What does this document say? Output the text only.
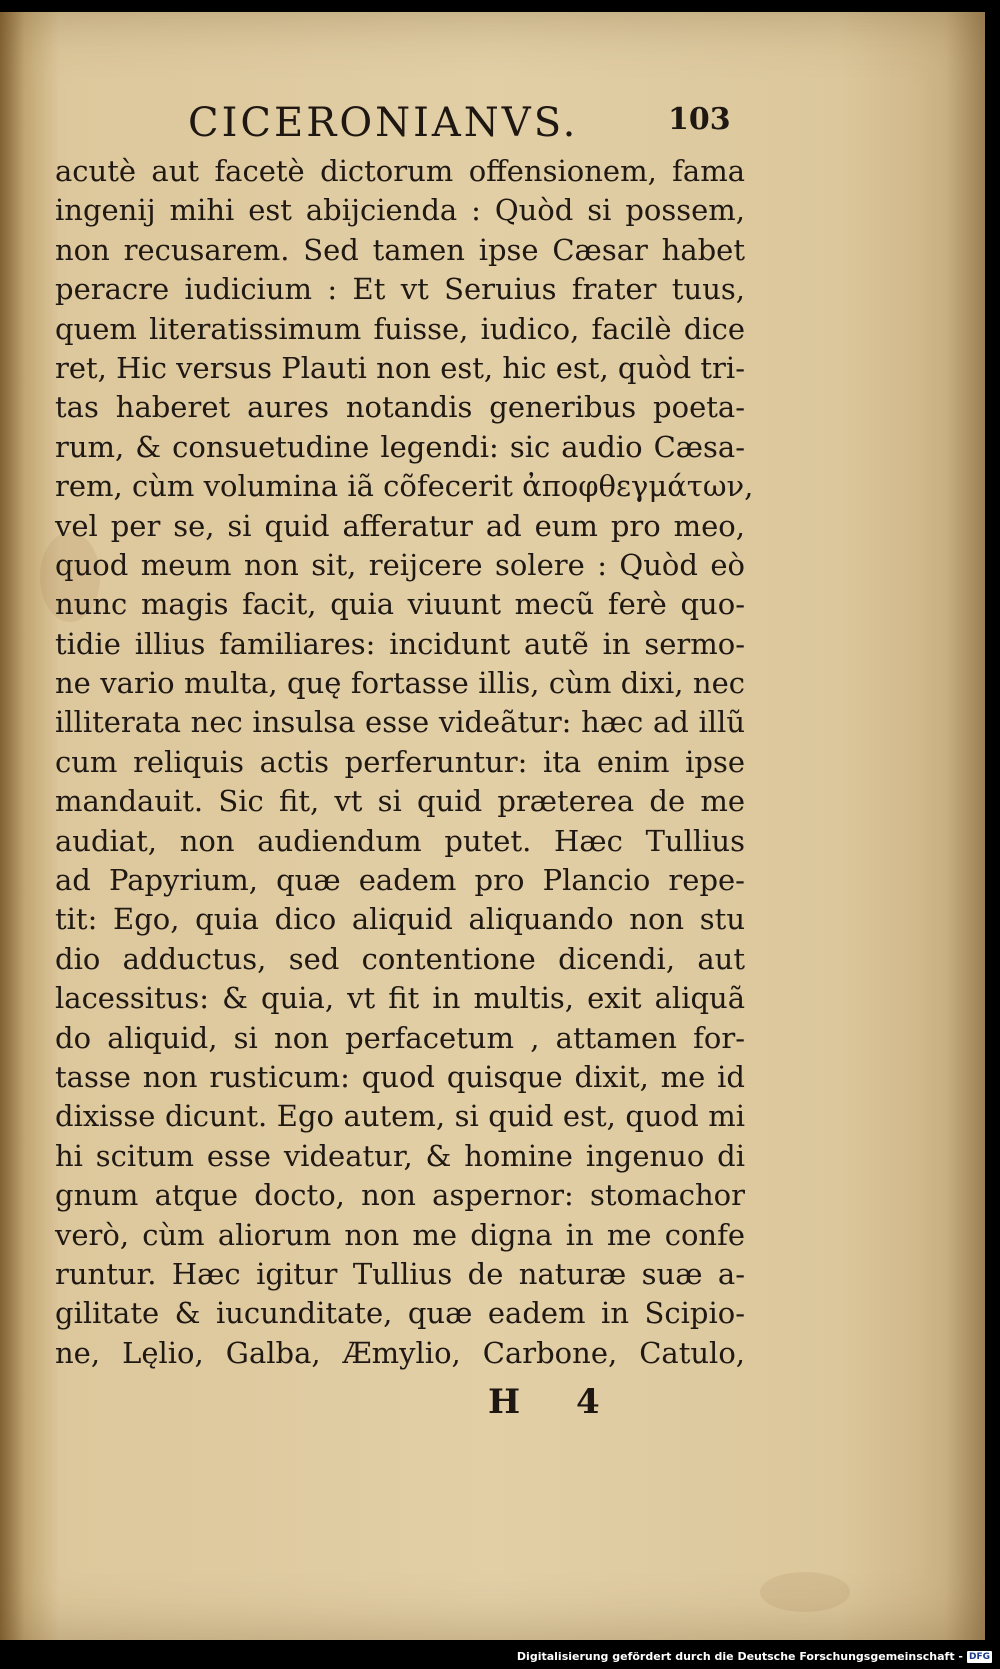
CICERONIANVS.	103
acutè aut facetè dictorum offensionem, fama
ingenij mihi est abijcienda : Quòd si possem,
non recusarem. Sed tamen ipse Cæsar habet
peracre iudicium : Et vt Seruius frater tuus,
quem literatissimum fuisse, iudico, facilè dice
ret, Hic versus Plauti non est, hic est, quòd tri-
tas haberet aures notandis generibus poeta-
rum, & consuetudine legendi: sic audio Cæsa-
rem, cùm volumina iã cõfecerit ἀποφθεγμάτων,
vel per se, si quid afferatur ad eum pro meo,
quod meum non sit, reijcere solere : Quòd eò
nunc magis facit, quia viuunt mecũ ferè quo-
tidie illius familiares: incidunt autẽ in sermo-
ne vario multa, quę fortasse illis, cùm dixi, nec
illiterata nec insulsa esse videãtur: hæc ad illũ
cum reliquis actis perferuntur: ita enim ipse
mandauit. Sic fit, vt si quid præterea de me
audiat, non audiendum putet. Hæc Tullius
ad Papyrium, quæ eadem pro Plancio repe-
tit: Ego, quia dico aliquid aliquando non stu
dio adductus, sed contentione dicendi, aut
lacessitus: & quia, vt fit in multis, exit aliquã
do aliquid, si non perfacetum , attamen for-
tasse non rusticum: quod quisque dixit, me id
dixisse dicunt. Ego autem, si quid est, quod mi
hi scitum esse videatur, & homine ingenuo di
gnum atque docto, non aspernor: stomachor
verò, cùm aliorum non me digna in me confe
runtur. Hæc igitur Tullius de naturæ suæ a-
gilitate & iucunditate, quæ eadem in Scipio-
ne, Lęlio, Galba, Æmylio, Carbone, Catulo,
H 4
Digitalisierung gefördert durch die Deutsche Forschungsgemeinschaft - DFG
